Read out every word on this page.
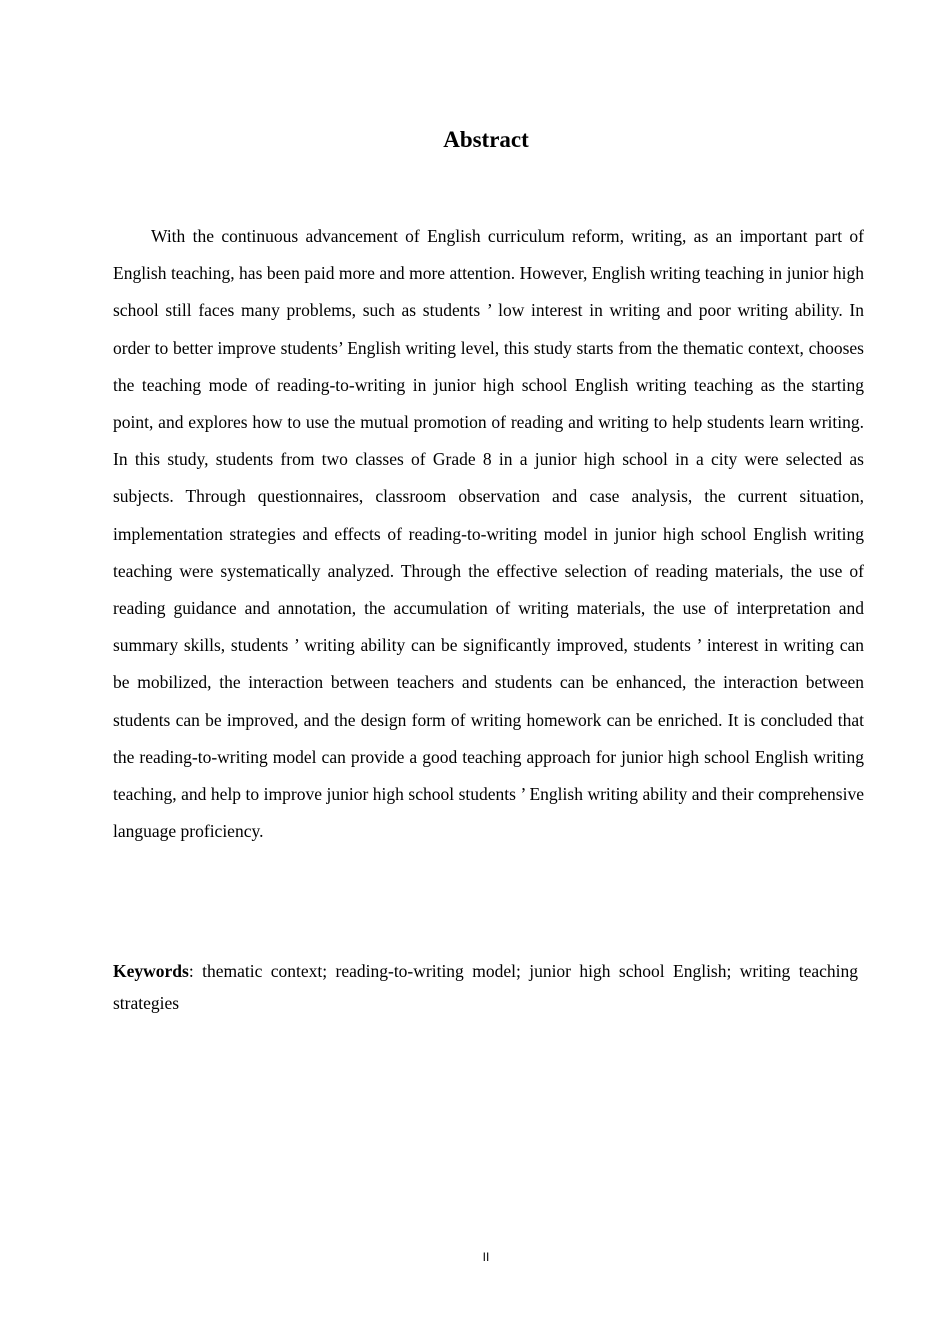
Abstract

With the continuous advancement of English curriculum reform, writing, as an important part of English teaching, has been paid more and more attention. However, English writing teaching in junior high school still faces many problems, such as students ’ low interest in writing and poor writing ability. In order to better improve students’ English writing level, this study starts from the thematic context, chooses the teaching mode of reading-to-writing in junior high school English writing teaching as the starting point, and explores how to use the mutual promotion of reading and writing to help students learn writing. In this study, students from two classes of Grade 8 in a junior high school in a city were selected as subjects. Through questionnaires, classroom observation and case analysis, the current situation, implementation strategies and effects of reading-to-writing model in junior high school English writing teaching were systematically analyzed. Through the effective selection of reading materials, the use of reading guidance and annotation, the accumulation of writing materials, the use of interpretation and summary skills, students ’ writing ability can be significantly improved, students ’ interest in writing can be mobilized, the interaction between teachers and students can be enhanced, the interaction between students can be improved, and the design form of writing homework can be enriched. It is concluded that the reading-to-writing model can provide a good teaching approach for junior high school English writing teaching, and help to improve junior high school students ’ English writing ability and their comprehensive language proficiency.

Keywords: thematic context; reading-to-writing model; junior high school English; writing teaching strategies

II
